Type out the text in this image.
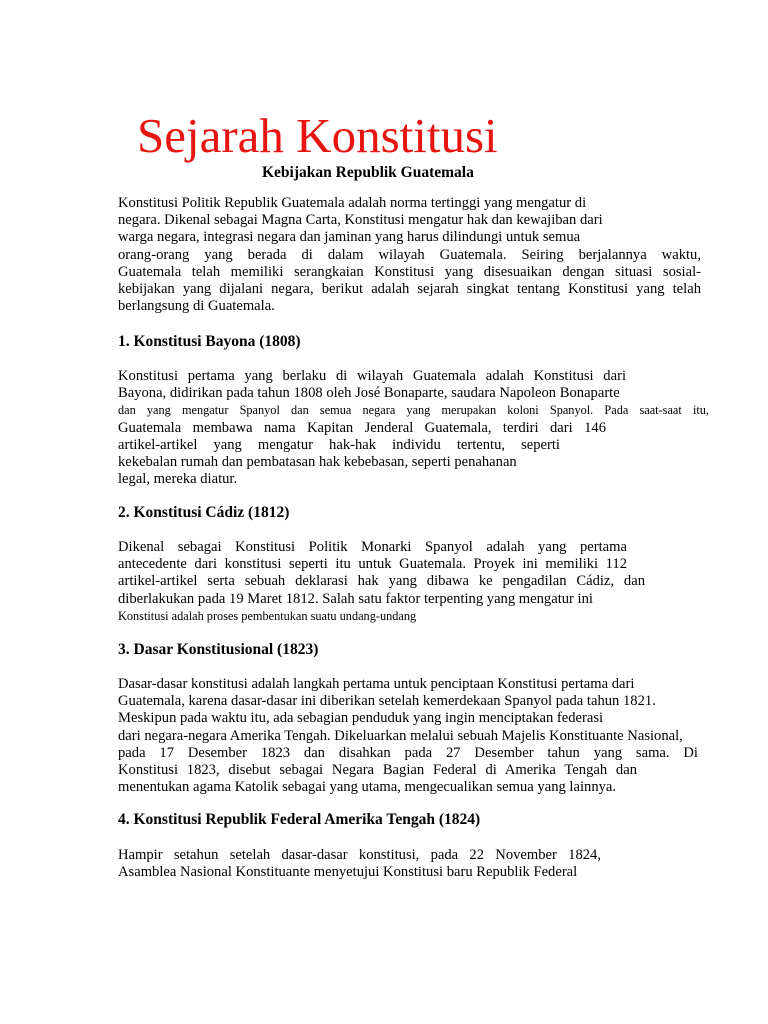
Sejarah Konstitusi
Kebijakan Republik Guatemala
Konstitusi Politik Republik Guatemala adalah norma tertinggi yang mengatur di
negara. Dikenal sebagai Magna Carta, Konstitusi mengatur hak dan kewajiban dari
warga negara, integrasi negara dan jaminan yang harus dilindungi untuk semua
orang-orang yang berada di dalam wilayah Guatemala. Seiring berjalannya waktu,
Guatemala telah memiliki serangkaian Konstitusi yang disesuaikan dengan situasi sosial-
kebijakan yang dijalani negara, berikut adalah sejarah singkat tentang Konstitusi yang telah
berlangsung di Guatemala.
1. Konstitusi Bayona (1808)
Konstitusi pertama yang berlaku di wilayah Guatemala adalah Konstitusi dari
Bayona, didirikan pada tahun 1808 oleh José Bonaparte, saudara Napoleon Bonaparte
dan yang mengatur Spanyol dan semua negara yang merupakan koloni Spanyol. Pada saat-saat itu,
Guatemala membawa nama Kapitan Jenderal Guatemala, terdiri dari 146
artikel-artikel yang mengatur hak-hak individu tertentu, seperti
kekebalan rumah dan pembatasan hak kebebasan, seperti penahanan
legal, mereka diatur.
2. Konstitusi Cádiz (1812)
Dikenal sebagai Konstitusi Politik Monarki Spanyol adalah yang pertama
antecedente dari konstitusi seperti itu untuk Guatemala. Proyek ini memiliki 112
artikel-artikel serta sebuah deklarasi hak yang dibawa ke pengadilan Cádiz, dan
diberlakukan pada 19 Maret 1812. Salah satu faktor terpenting yang mengatur ini
Konstitusi adalah proses pembentukan suatu undang-undang
3. Dasar Konstitusional (1823)
Dasar-dasar konstitusi adalah langkah pertama untuk penciptaan Konstitusi pertama dari
Guatemala, karena dasar-dasar ini diberikan setelah kemerdekaan Spanyol pada tahun 1821.
Meskipun pada waktu itu, ada sebagian penduduk yang ingin menciptakan federasi
dari negara-negara Amerika Tengah. Dikeluarkan melalui sebuah Majelis Konstituante Nasional,
pada 17 Desember 1823 dan disahkan pada 27 Desember tahun yang sama. Di
Konstitusi 1823, disebut sebagai Negara Bagian Federal di Amerika Tengah dan
menentukan agama Katolik sebagai yang utama, mengecualikan semua yang lainnya.
4. Konstitusi Republik Federal Amerika Tengah (1824)
Hampir setahun setelah dasar-dasar konstitusi, pada 22 November 1824,
Asamblea Nasional Konstituante menyetujui Konstitusi baru Republik Federal
